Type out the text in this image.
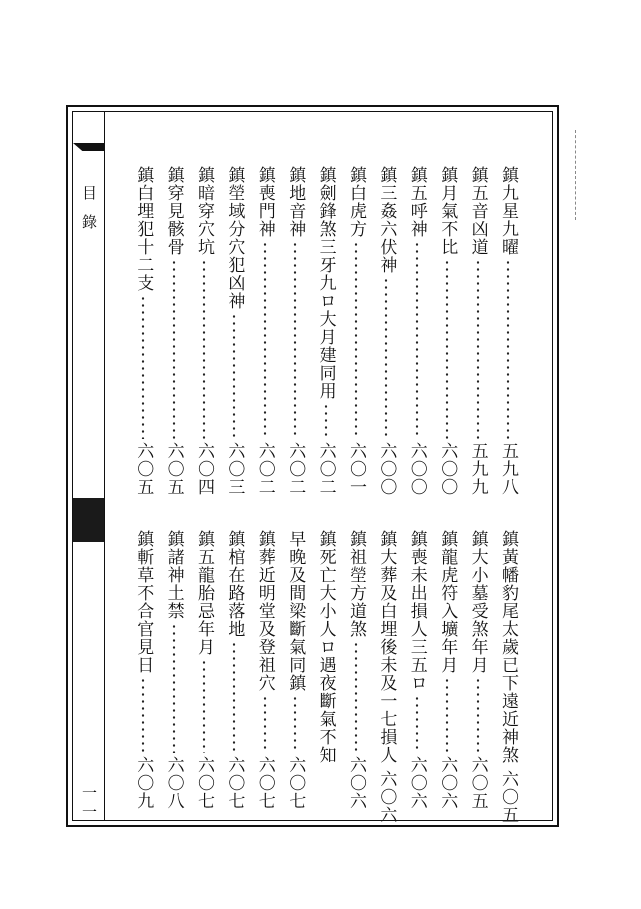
目錄
一一
鎮九星九曜
五九八
鎮五音凶道
五九九
鎮月氣不比
六〇〇
鎮五呼神
六〇〇
鎮三姦六伏神
六〇〇
鎮白虎方
六〇一
鎮劍鋒煞三牙九ロ大月建同用
六〇二
鎮地音神
六〇二
鎮喪門神
六〇二
鎮塋域分穴犯凶神
六〇三
鎮暗穿穴坑
六〇四
鎮穿見骸骨
六〇五
鎮白埋犯十二支
六〇五
鎮黃幡豹尾太歲已下遠近神煞
六〇五
鎮大小墓受煞年月
六〇五
鎮龍虎符入壙年月
六〇六
鎮喪未出損人三五ロ
六〇六
鎮大葬及白埋後未及一七損人
六〇六
鎮祖塋方道煞
六〇六
鎮死亡大小人ロ遇夜斷氣不知
早晚及間梁斷氣同鎮
六〇七
鎮葬近明堂及登祖穴
六〇七
鎮棺在路落地
六〇七
鎮五龍胎忌年月
六〇七
鎮諸神土禁
六〇八
鎮斬草不合官見日
六〇九
